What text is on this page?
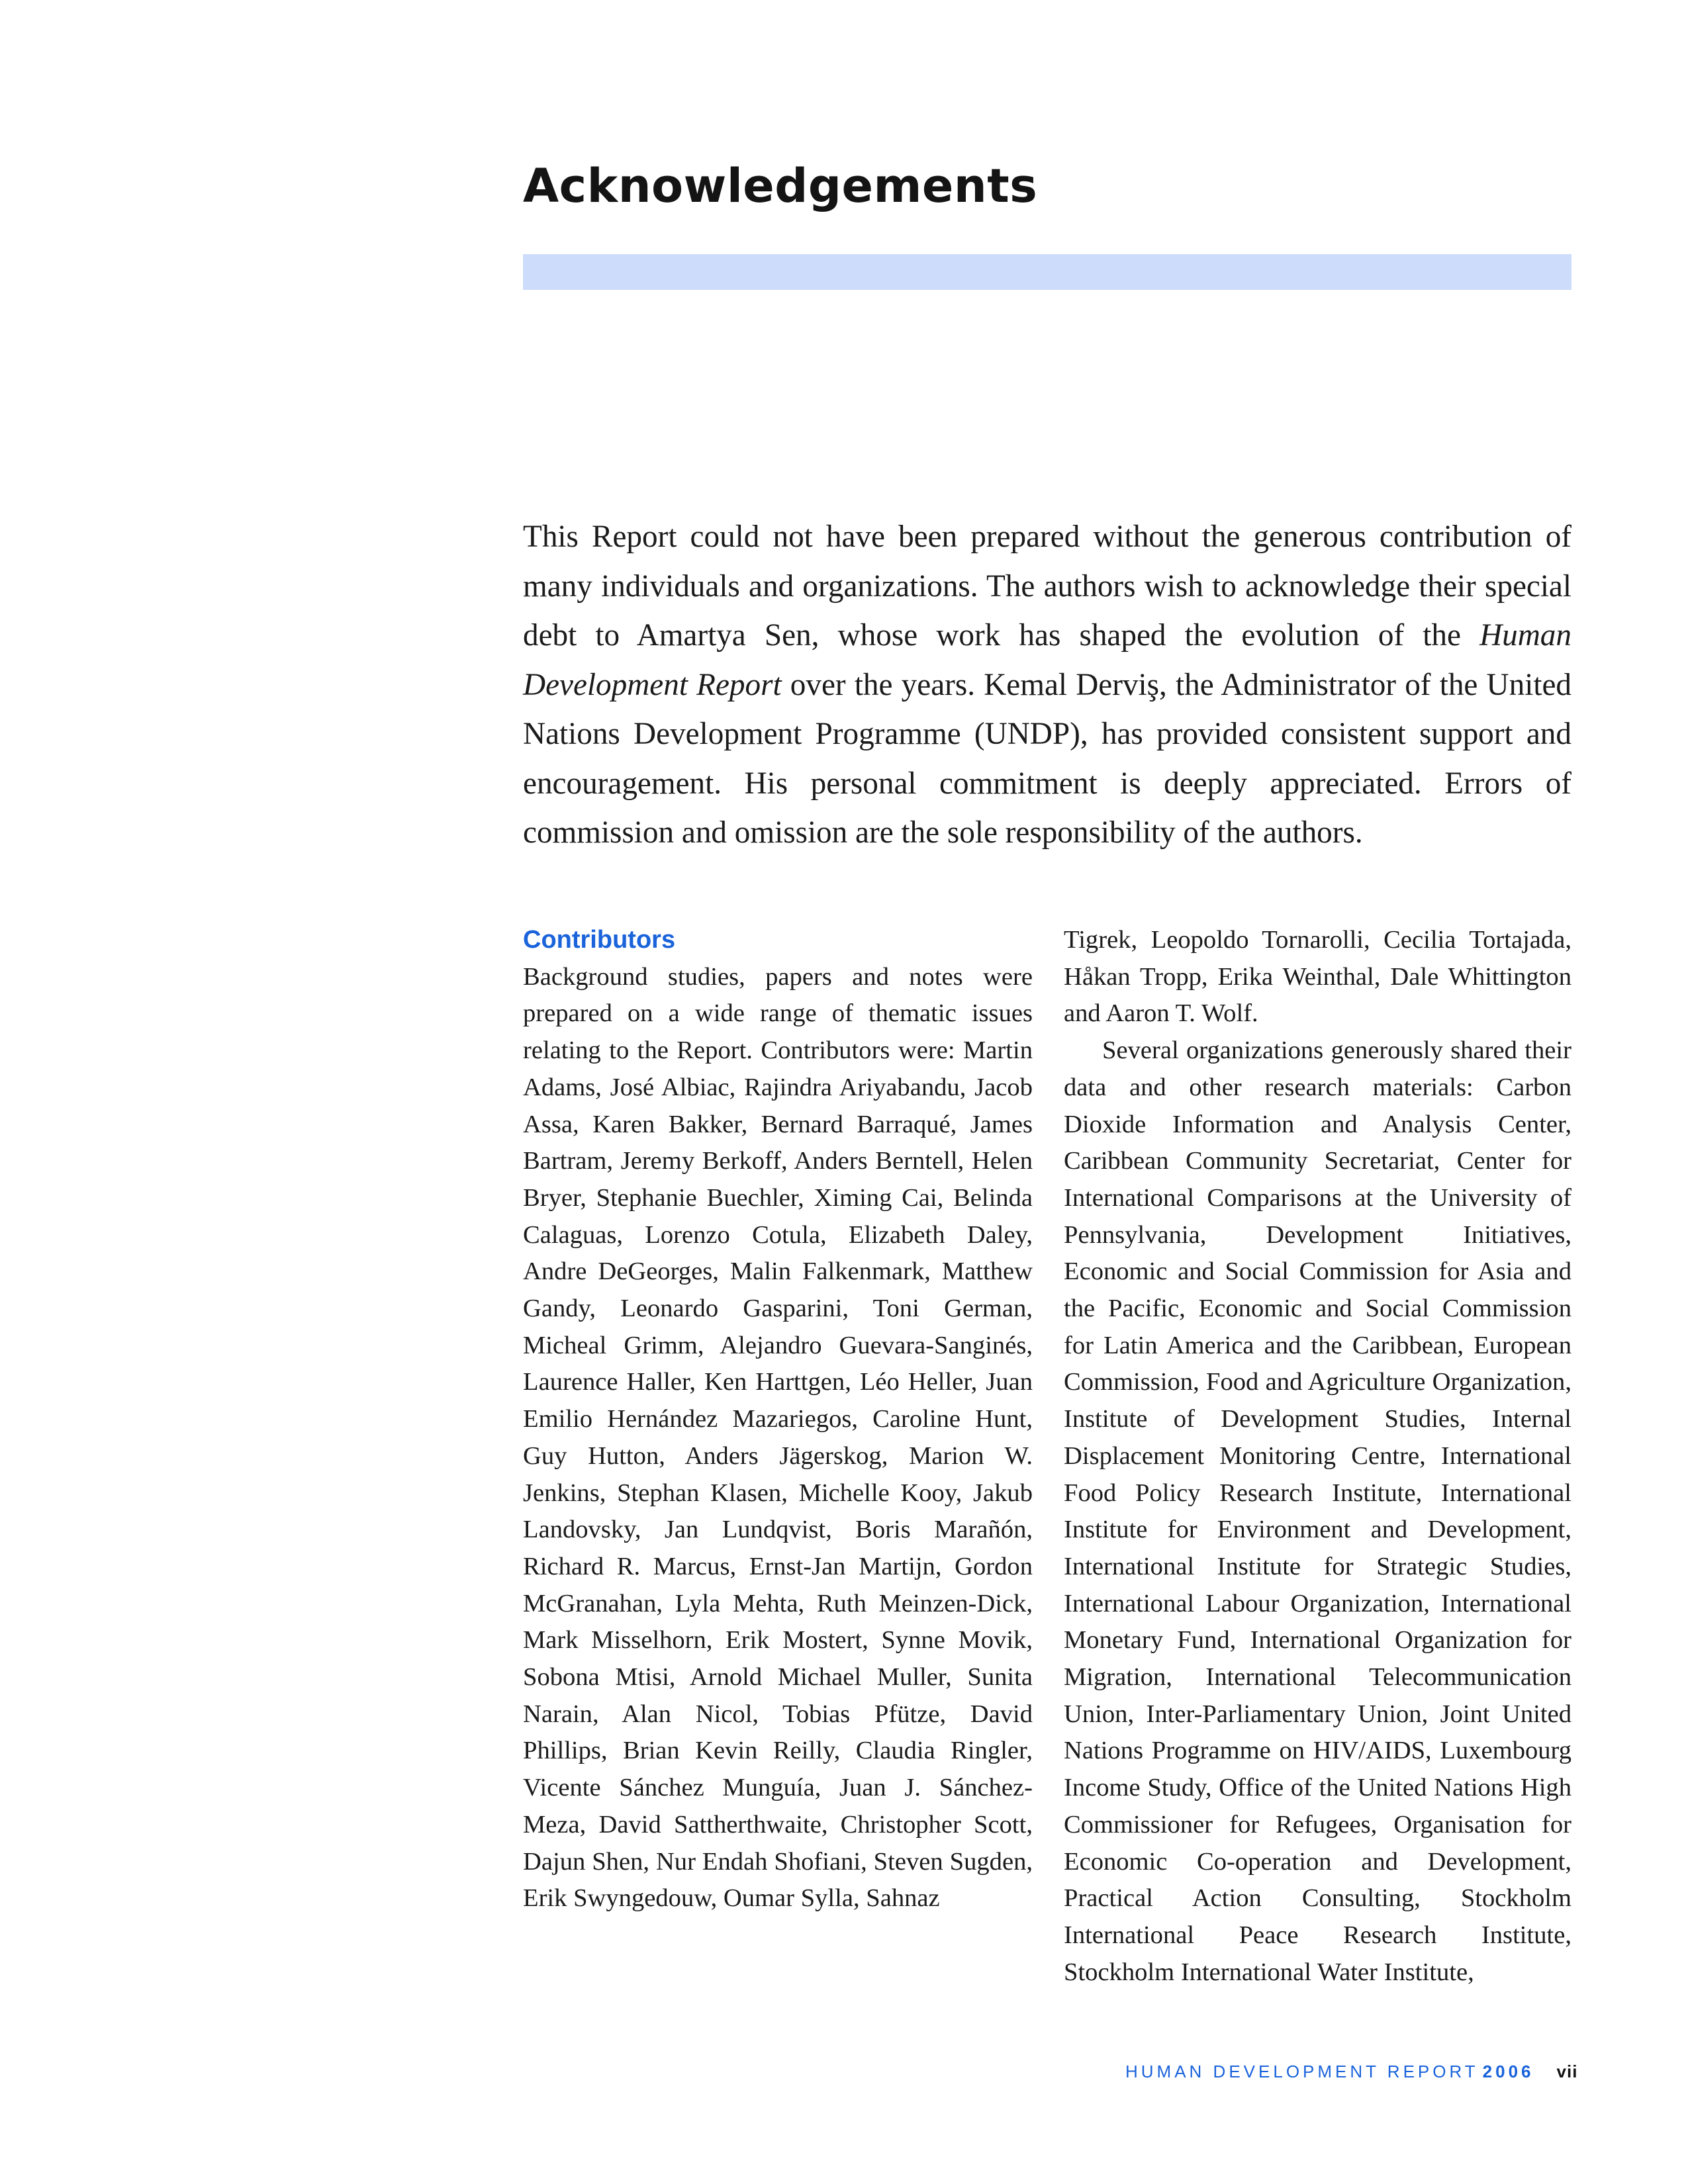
Acknowledgements

This Report could not have been prepared without the generous contribution of many individuals and organizations. The authors wish to acknowledge their special debt to Amartya Sen, whose work has shaped the evolution of the Human Development Report over the years. Kemal Derviş, the Administrator of the United Nations Development Programme (UNDP), has provided consistent support and encouragement. His personal commitment is deeply appreciated. Errors of commission and omission are the sole responsibility of the authors.

Contributors

Background studies, papers and notes were prepared on a wide range of thematic issues relating to the Report. Contributors were: Martin Adams, José Albiac, Rajindra Ariyabandu, Jacob Assa, Karen Bakker, Bernard Barraqué, James Bartram, Jeremy Berkoff, Anders Berntell, Helen Bryer, Stephanie Buechler, Ximing Cai, Belinda Calaguas, Lorenzo Cotula, Elizabeth Daley, Andre DeGeorges, Malin Falkenmark, Matthew Gandy, Leonardo Gasparini, Toni German, Micheal Grimm, Alejandro Guevara-Sanginés, Laurence Haller, Ken Harttgen, Léo Heller, Juan Emilio Hernández Mazariegos, Caroline Hunt, Guy Hutton, Anders Jägerskog, Marion W. Jenkins, Stephan Klasen, Michelle Kooy, Jakub Landovsky, Jan Lundqvist, Boris Marañón, Richard R. Marcus, Ernst-Jan Martijn, Gordon McGranahan, Lyla Mehta, Ruth Meinzen-Dick, Mark Misselhorn, Erik Mostert, Synne Movik, Sobona Mtisi, Arnold Michael Muller, Sunita Narain, Alan Nicol, Tobias Pfütze, David Phillips, Brian Kevin Reilly, Claudia Ringler, Vicente Sánchez Munguía, Juan J. Sánchez-Meza, David Sattherthwaite, Christopher Scott, Dajun Shen, Nur Endah Shofiani, Steven Sugden, Erik Swyngedouw, Oumar Sylla, Sahnaz

Tigrek, Leopoldo Tornarolli, Cecilia Tortajada, Håkan Tropp, Erika Weinthal, Dale Whittington and Aaron T. Wolf.

Several organizations generously shared their data and other research materials: Carbon Dioxide Information and Analysis Center, Caribbean Community Secretariat, Center for International Comparisons at the University of Pennsylvania, Development Initiatives, Economic and Social Commission for Asia and the Pacific, Economic and Social Commission for Latin America and the Caribbean, European Commission, Food and Agriculture Organization, Institute of Development Studies, Internal Displacement Monitoring Centre, International Food Policy Research Institute, International Institute for Environment and Development, International Institute for Strategic Studies, International Labour Organization, International Monetary Fund, International Organization for Migration, International Telecommunication Union, Inter-Parliamentary Union, Joint United Nations Programme on HIV/AIDS, Luxembourg Income Study, Office of the United Nations High Commissioner for Refugees, Organisation for Economic Co-operation and Development, Practical Action Consulting, Stockholm International Peace Research Institute, Stockholm International Water Institute,

HUMAN DEVELOPMENT REPORT 2006 vii
